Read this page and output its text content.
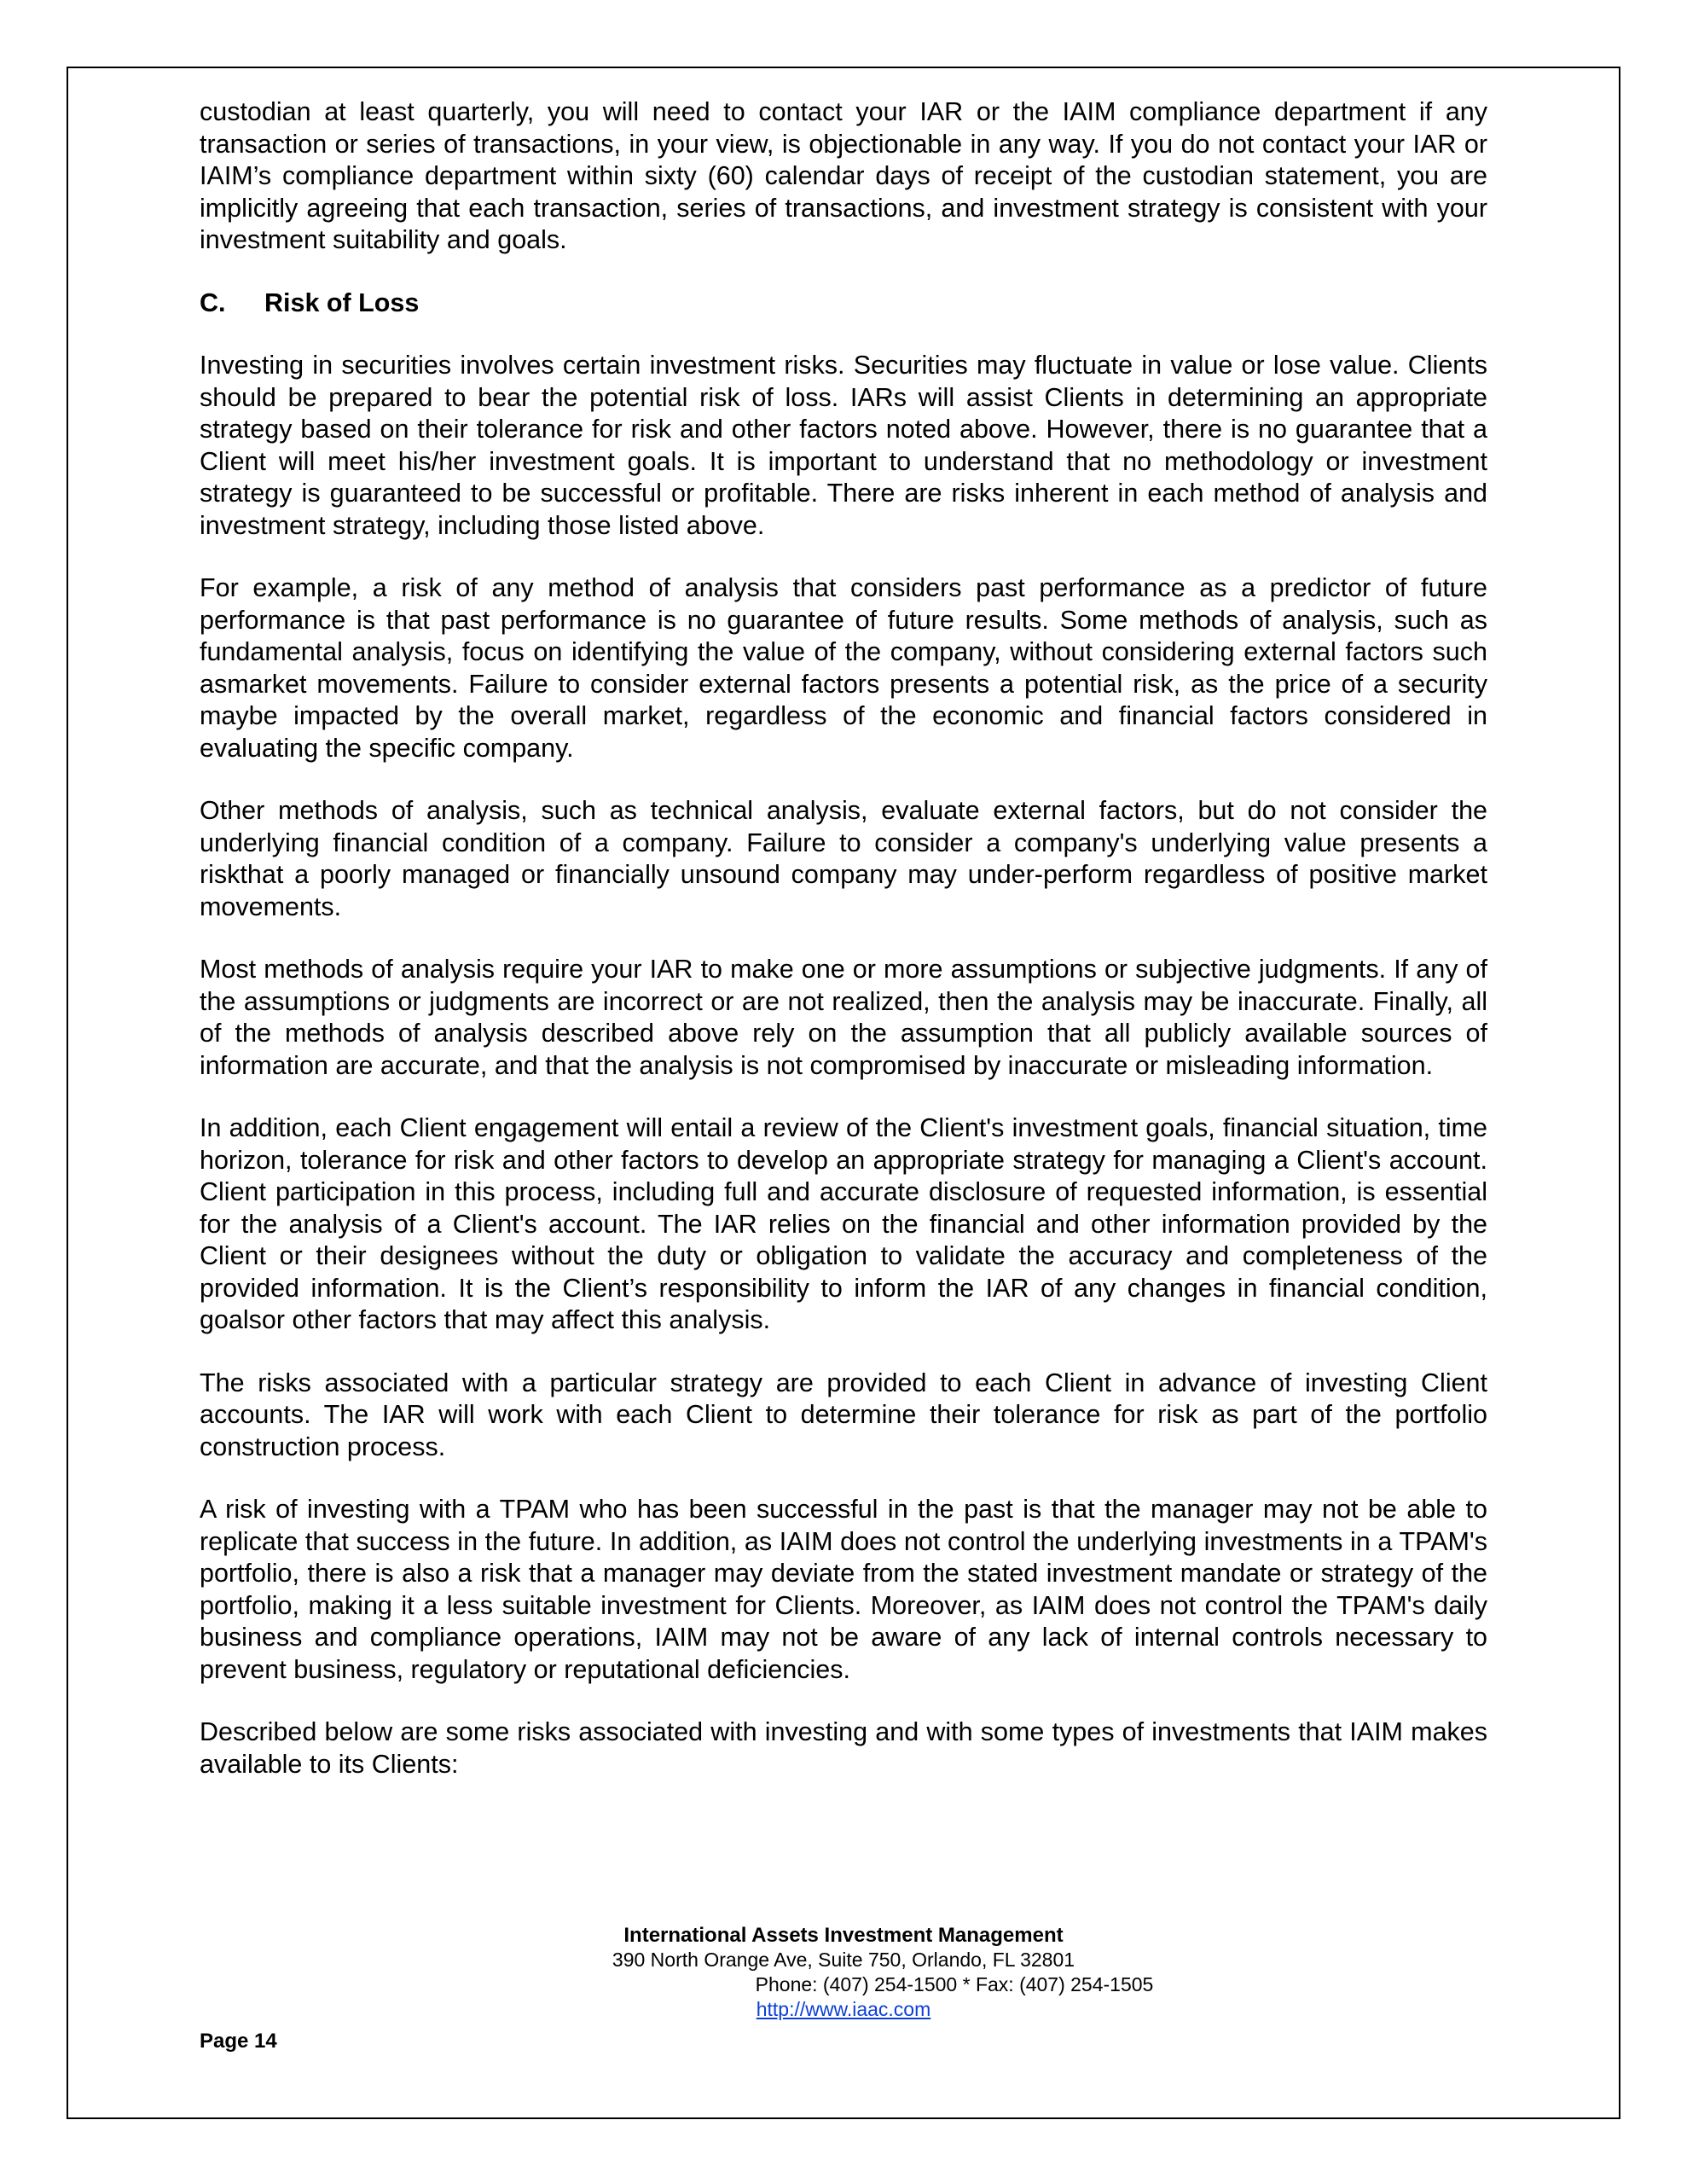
custodian at least quarterly, you will need to contact your IAR or the IAIM compliance department if any transaction or series of transactions, in your view, is objectionable in any way. If you do not contact your IAR or IAIM’s compliance department within sixty (60) calendar days of receipt of the custodian statement, you are implicitly agreeing that each transaction, series of transactions, and investment strategy is consistent with your investment suitability and goals.

C.	Risk of Loss

Investing in securities involves certain investment risks. Securities may fluctuate in value or lose value. Clients should be prepared to bear the potential risk of loss. IARs will assist Clients in determining an appropriate strategy based on their tolerance for risk and other factors noted above. However, there is no guarantee that a Client will meet his/her investment goals. It is important to understand that no methodology or investment strategy is guaranteed to be successful or profitable. There are risks inherent in each method of analysis and investment strategy, including those listed above.

For example, a risk of any method of analysis that considers past performance as a predictor of future performance is that past performance is no guarantee of future results. Some methods of analysis, such as fundamental analysis, focus on identifying the value of the company, without considering external factors such asmarket movements. Failure to consider external factors presents a potential risk, as the price of a security maybe impacted by the overall market, regardless of the economic and financial factors considered in evaluating the specific company.

Other methods of analysis, such as technical analysis, evaluate external factors, but do not consider the underlying financial condition of a company. Failure to consider a company's underlying value presents a riskthat a poorly managed or financially unsound company may under-perform regardless of positive market movements.

Most methods of analysis require your IAR to make one or more assumptions or subjective judgments. If any of the assumptions or judgments are incorrect or are not realized, then the analysis may be inaccurate. Finally, all of the methods of analysis described above rely on the assumption that all publicly available sources of information are accurate, and that the analysis is not compromised by inaccurate or misleading information.

In addition, each Client engagement will entail a review of the Client's investment goals, financial situation, time horizon, tolerance for risk and other factors to develop an appropriate strategy for managing a Client's account. Client participation in this process, including full and accurate disclosure of requested information, is essential for the analysis of a Client's account. The IAR relies on the financial and other information provided by the Client or their designees without the duty or obligation to validate the accuracy and completeness of the provided information. It is the Client’s responsibility to inform the IAR of any changes in financial condition, goalsor other factors that may affect this analysis.

The risks associated with a particular strategy are provided to each Client in advance of investing Client accounts. The IAR will work with each Client to determine their tolerance for risk as part of the portfolio construction process.

A risk of investing with a TPAM who has been successful in the past is that the manager may not be able to replicate that success in the future. In addition, as IAIM does not control the underlying investments in a TPAM's portfolio, there is also a risk that a manager may deviate from the stated investment mandate or strategy of the portfolio, making it a less suitable investment for Clients. Moreover, as IAIM does not control the TPAM's daily business and compliance operations, IAIM may not be aware of any lack of internal controls necessary to prevent business, regulatory or reputational deficiencies.

Described below are some risks associated with investing and with some types of investments that IAIM makes available to its Clients:

International Assets Investment Management
390 North Orange Ave, Suite 750, Orlando, FL 32801
Phone: (407) 254-1500 * Fax: (407) 254-1505
http://www.iaac.com
Page 14
